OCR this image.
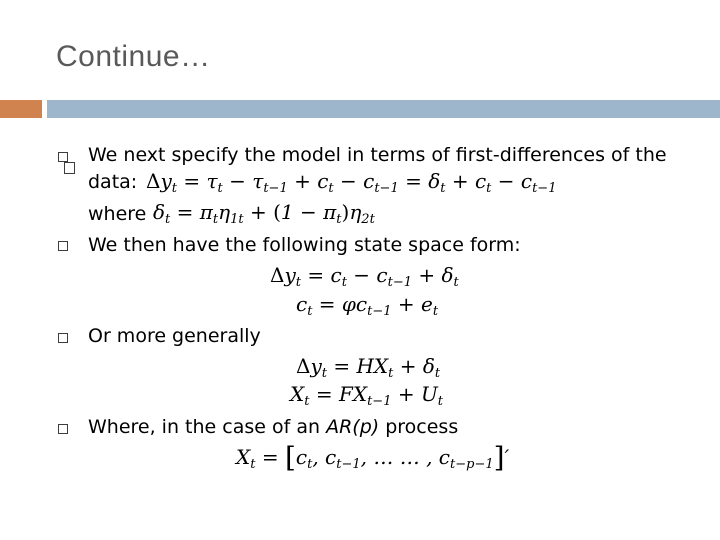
Continue…
We next specify the model in terms of first-differences of the
data: $\Delta y_t = \tau_t - \tau_{t-1} + c_t - c_{t-1} = \delta_t + c_t - c_{t-1}$
where $\delta_t = \pi_t\eta_{1t} + (1 - \pi_t)\eta_{2t}$
We then have the following state space form:
$\Delta y_t = c_t - c_{t-1} + \delta_t$
$c_t = \varphi c_{t-1} + e_t$
Or more generally
$\Delta y_t = HX_t + \delta_t$
$X_t = FX_{t-1} + U_t$
Where, in the case of an AR(p) process
$X_t = [c_t$, $c_{t-1}$, … … , $c_{t-p-1}]'$
